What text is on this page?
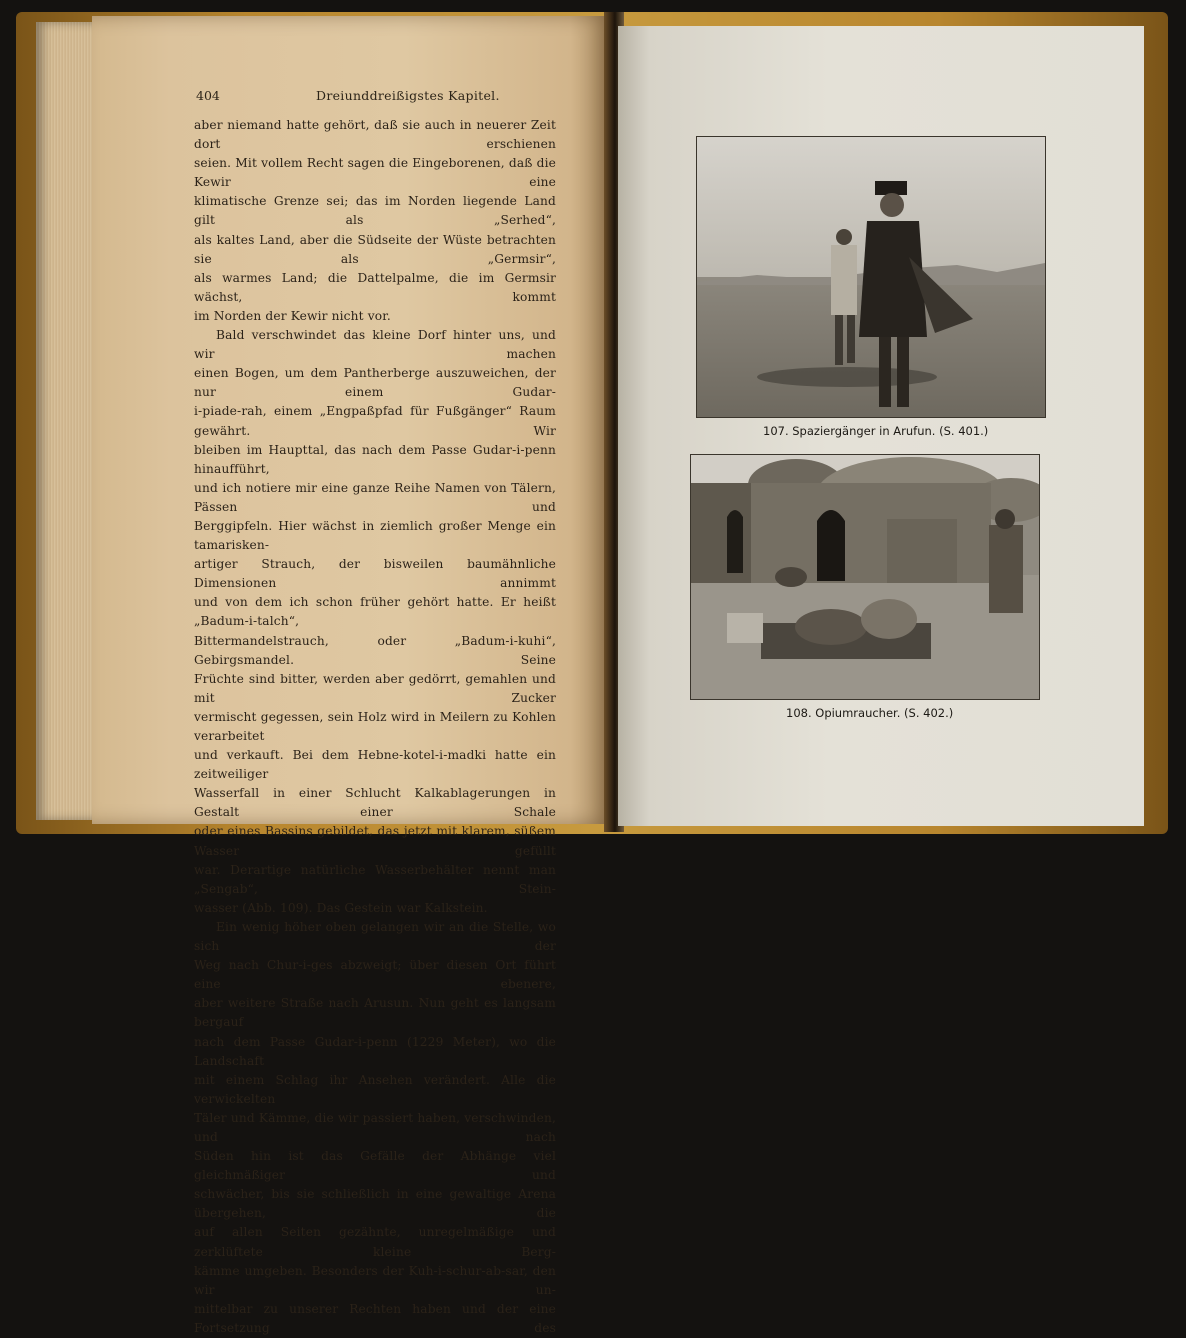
404	Dreiunddreißigstes Kapitel.
aber niemand hatte gehört, daß sie auch in neuerer Zeit dort erschienen
seien. Mit vollem Recht sagen die Eingeborenen, daß die Kewir eine
klimatische Grenze sei; das im Norden liegende Land gilt als „Serhed“,
als kaltes Land, aber die Südseite der Wüste betrachten sie als „Germsir“,
als warmes Land; die Dattelpalme, die im Germsir wächst, kommt
im Norden der Kewir nicht vor.
Bald verschwindet das kleine Dorf hinter uns, und wir machen
einen Bogen, um dem Pantherberge auszuweichen, der nur einem Gudar-
i-piade-rah, einem „Engpaßpfad für Fußgänger“ Raum gewährt. Wir
bleiben im Haupttal, das nach dem Passe Gudar-i-penn hinaufführt,
und ich notiere mir eine ganze Reihe Namen von Tälern, Pässen und
Berggipfeln. Hier wächst in ziemlich großer Menge ein tamarisken-
artiger Strauch, der bisweilen baumähnliche Dimensionen annimmt
und von dem ich schon früher gehört hatte. Er heißt „Badum-i-talch“,
Bittermandelstrauch, oder „Badum-i-kuhi“, Gebirgsmandel. Seine
Früchte sind bitter, werden aber gedörrt, gemahlen und mit Zucker
vermischt gegessen, sein Holz wird in Meilern zu Kohlen verarbeitet
und verkauft. Bei dem Hebne-kotel-i-madki hatte ein zeitweiliger
Wasserfall in einer Schlucht Kalkablagerungen in Gestalt einer Schale
oder eines Bassins gebildet, das jetzt mit klarem, süßem Wasser gefüllt
war. Derartige natürliche Wasserbehälter nennt man „Sengab“, Stein-
wasser (Abb. 109). Das Gestein war Kalkstein.
Ein wenig höher oben gelangen wir an die Stelle, wo sich der
Weg nach Chur-i-ges abzweigt; über diesen Ort führt eine ebenere,
aber weitere Straße nach Arusun. Nun geht es langsam bergauf
nach dem Passe Gudar-i-penn (1229 Meter), wo die Landschaft
mit einem Schlag ihr Ansehen verändert. Alle die verwickelten
Täler und Kämme, die wir passiert haben, verschwinden, und nach
Süden hin ist das Gefälle der Abhänge viel gleichmäßiger und
schwächer, bis sie schließlich in eine gewaltige Arena übergehen, die
auf allen Seiten gezähnte, unregelmäßige und zerklüftete kleine Berg-
kämme umgeben. Besonders der Kuh-i-schur-ab-sar, den wir un-
mittelbar zu unserer Rechten haben und der eine Fortsetzung des
107. Spaziergänger in Arufun. (S. 401.)
108. Opiumraucher. (S. 402.)
